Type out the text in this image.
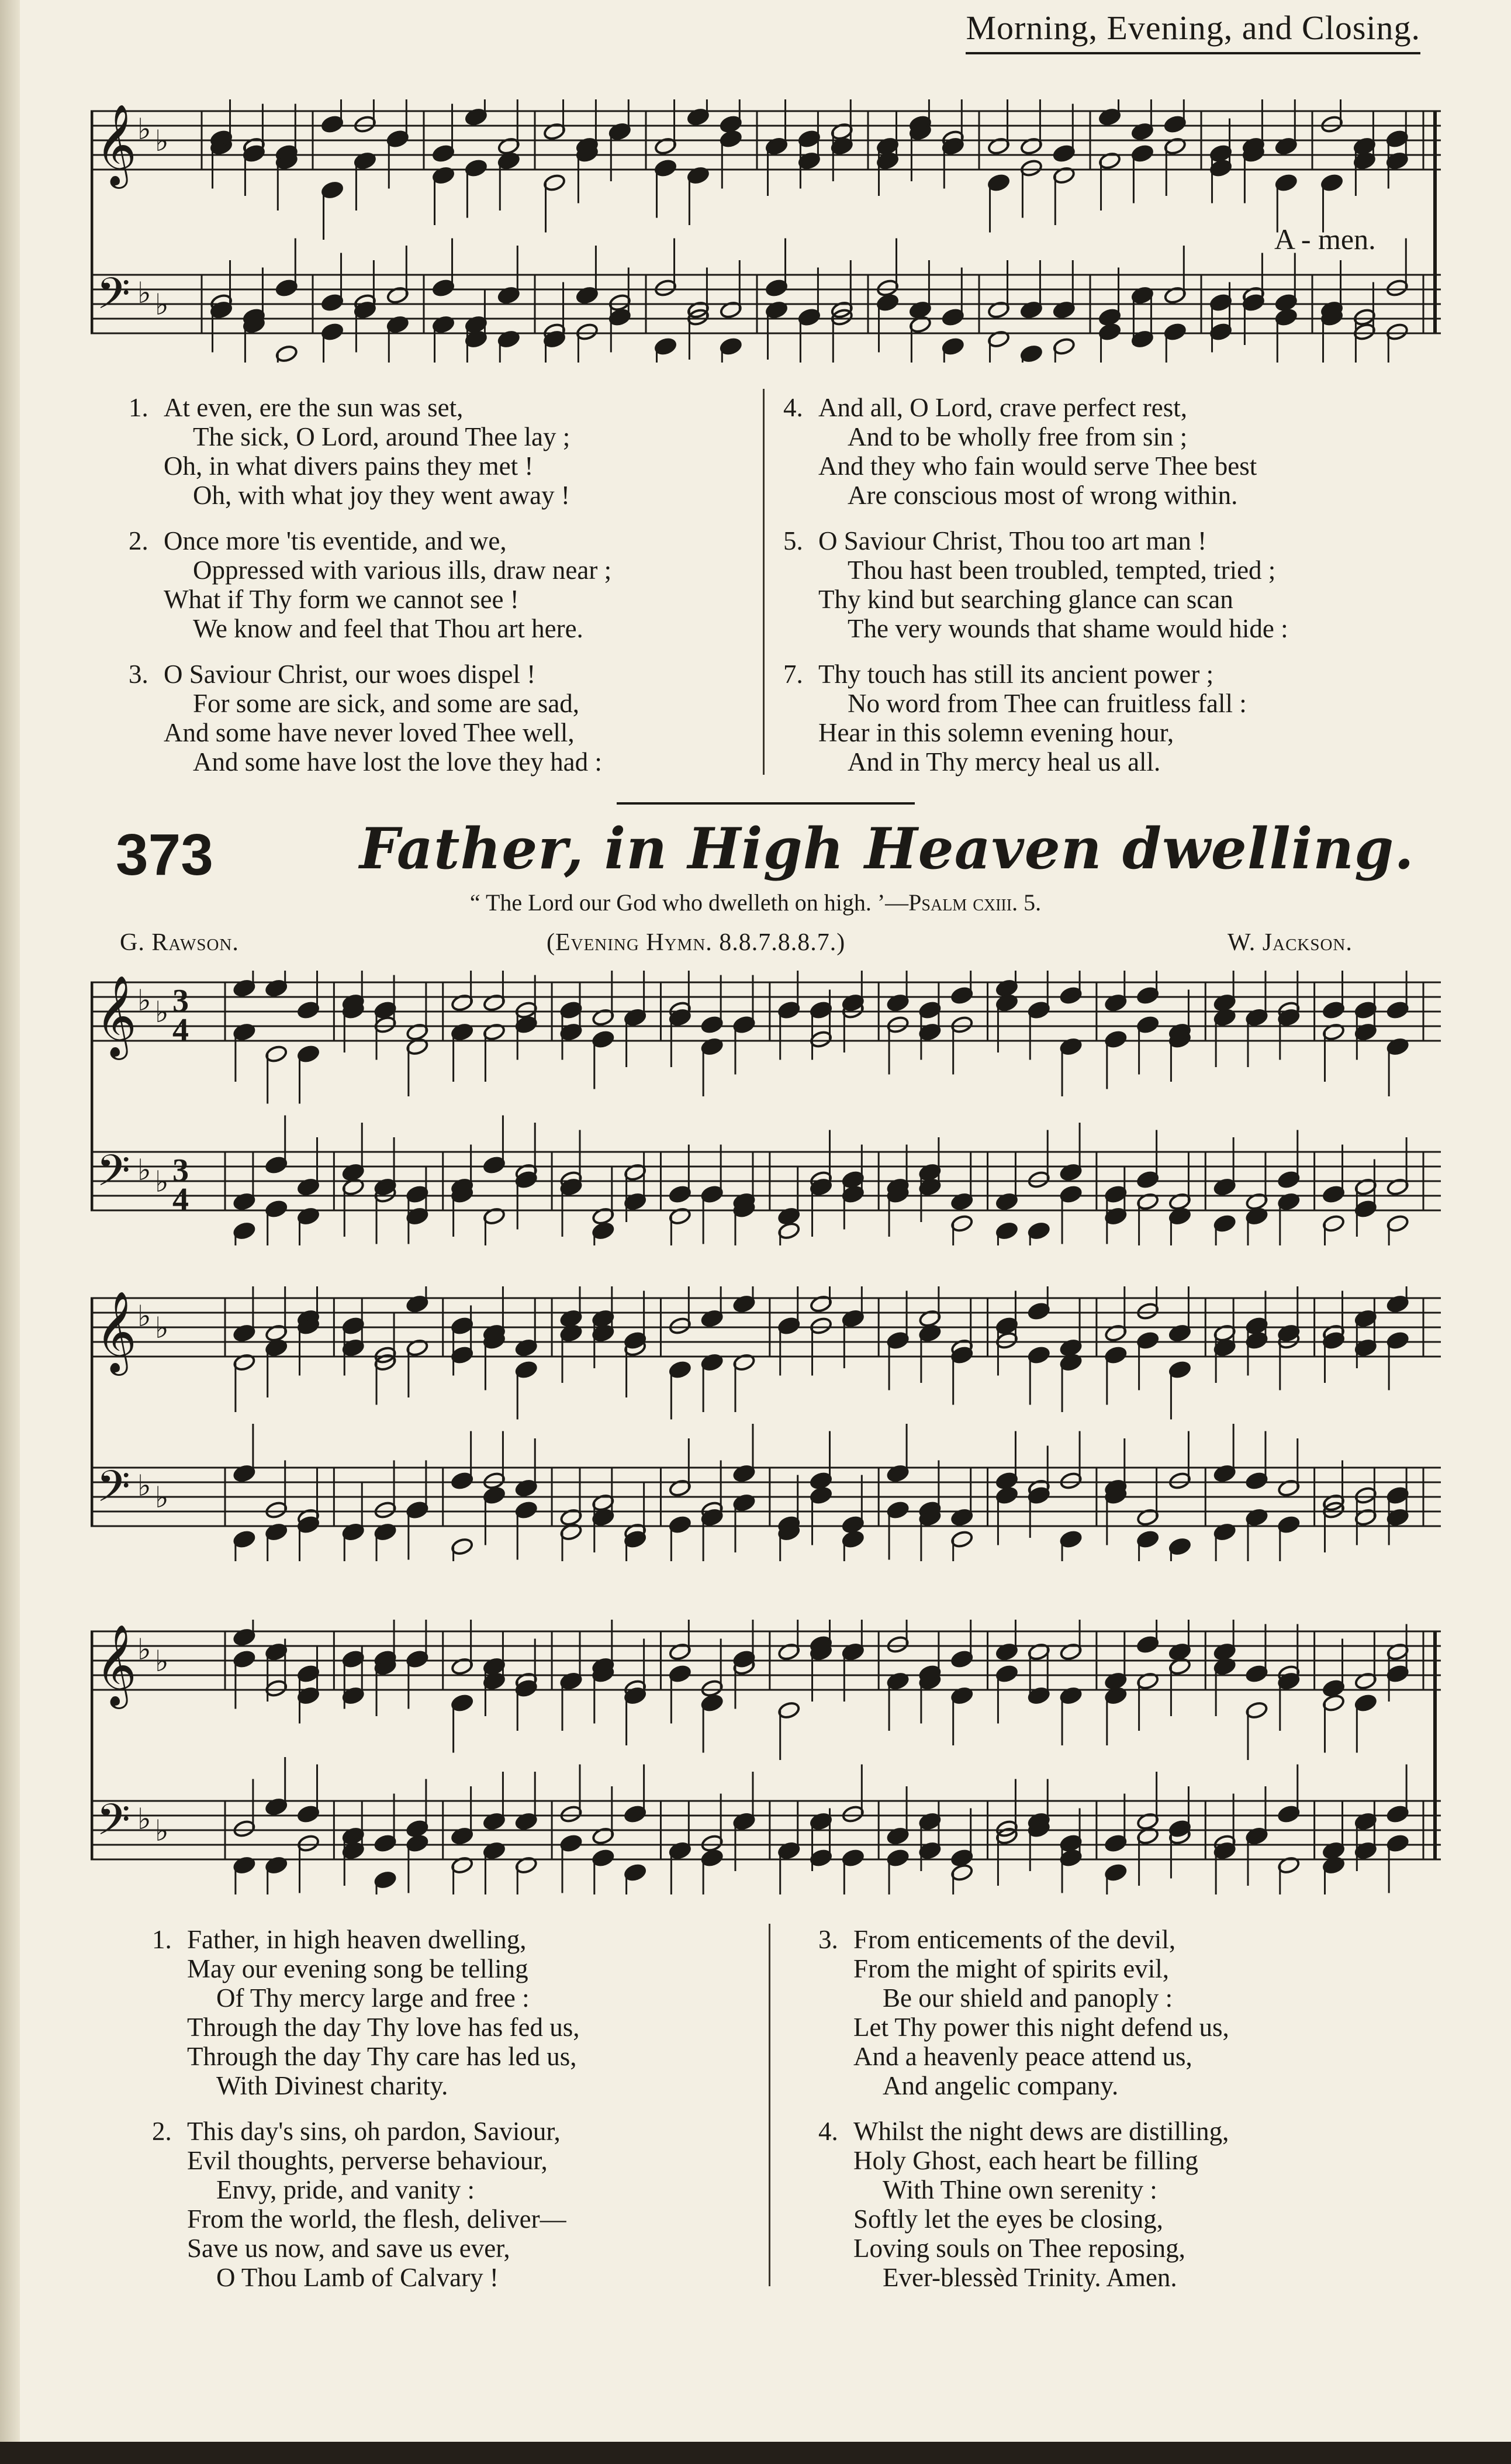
Morning, Evening, and Closing.
𝄞
𝄢
♭ ♭
♭ ♭
A - men.
1. At even, ere the sun was set,
The sick, O Lord, around Thee lay ;
Oh, in what divers pains they met !
Oh, with what joy they went away !
2. Once more 'tis eventide, and we,
Oppressed with various ills, draw near ;
What if Thy form we cannot see !
We know and feel that Thou art here.
3. O Saviour Christ, our woes dispel !
For some are sick, and some are sad,
And some have never loved Thee well,
And some have lost the love they had :
4. And all, O Lord, crave perfect rest,
And to be wholly free from sin ;
And they who fain would serve Thee best
Are conscious most of wrong within.
5. O Saviour Christ, Thou too art man !
Thou hast been troubled, tempted, tried ;
Thy kind but searching glance can scan
The very wounds that shame would hide :
7. Thy touch has still its ancient power ;
No word from Thee can fruitless fall :
Hear in this solemn evening hour,
And in Thy mercy heal us all.
373	Father, in High Heaven dwelling.
“ The Lord our God who dwelleth on high. ’—Psalm cxiii. 5.
G. Rawson.	(Evening Hymn. 8.8.7.8.8.7.)	W. Jackson.
𝄞
𝄢
♭ ♭
♭ ♭
3
4
3
4
𝄞
𝄢
♭ ♭
♭ ♭
𝄞
𝄢
♭ ♭
♭ ♭
1. Father, in high heaven dwelling,
May our evening song be telling
Of Thy mercy large and free :
Through the day Thy love has fed us,
Through the day Thy care has led us,
With Divinest charity.
2. This day's sins, oh pardon, Saviour,
Evil thoughts, perverse behaviour,
Envy, pride, and vanity :
From the world, the flesh, deliver—
Save us now, and save us ever,
O Thou Lamb of Calvary !
3. From enticements of the devil,
From the might of spirits evil,
Be our shield and panoply :
Let Thy power this night defend us,
And a heavenly peace attend us,
And angelic company.
4. Whilst the night dews are distilling,
Holy Ghost, each heart be filling
With Thine own serenity :
Softly let the eyes be closing,
Loving souls on Thee reposing,
Ever-blessèd Trinity. Amen.
